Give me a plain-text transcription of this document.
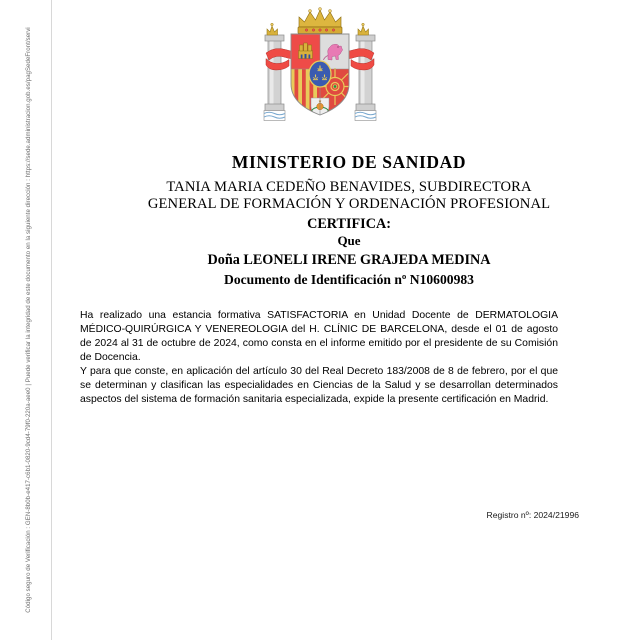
Código seguro de Verificación : GEN-8b0b-e417-c6b1-0820-9cd4-79f0-220a-aee0 | Puede verificar la integridad de este documento en la siguiente dirección : https://sede.administracion.gob.es/pagSedeFront/servi	MINISTERIO DE SANIDAD
TANIA MARIA CEDEÑO BENAVIDES, SUBDIRECTORA
GENERAL DE FORMACIÓN Y ORDENACIÓN PROFESIONAL
CERTIFICA:
Que
Doña LEONELI IRENE GRAJEDA MEDINA
Documento de Identificación nº N10600983
Ha realizado una estancia formativa SATISFACTORIA en Unidad Docente de DERMATOLOGIA MÉDICO-QUIRÚRGICA Y VENEREOLOGIA del H. CLÍNIC DE BARCELONA, desde el 01 de agosto de 2024 al 31 de octubre de 2024, como consta en el informe emitido por el presidente de su Comisión de Docencia.
Y para que conste, en aplicación del artículo 30 del Real Decreto 183/2008 de 8 de febrero, por el que se determinan y clasifican las especialidades en Ciencias de la Salud y se desarrollan determinados aspectos del sistema de formación sanitaria especializada, expide la presente certificación en Madrid.
Registro nº: 2024/21996
